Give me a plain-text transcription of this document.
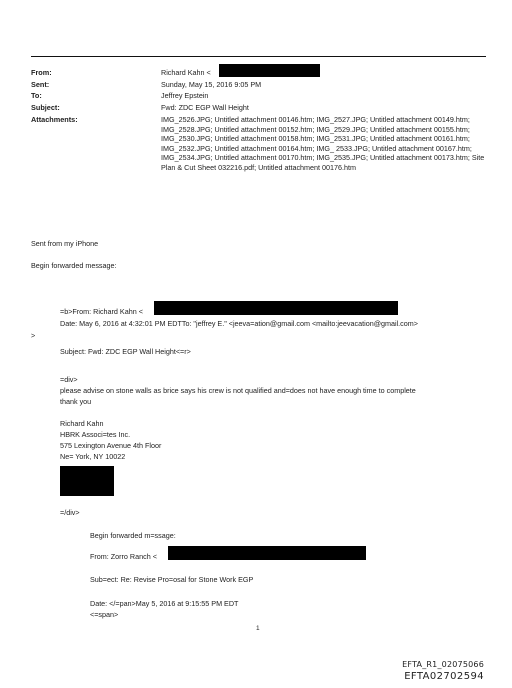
From:	Richard Kahn <
Sent:	Sunday, May 15, 2016 9:05 PM
To:	Jeffrey Epstein
Subject:	Fwd: ZDC EGP Wall Height
Attachments:	IMG_2526.JPG; Untitled attachment 00146.htm; IMG_2527.JPG; Untitled attachment 00149.htm; IMG_2528.JPG; Untitled attachment 00152.htm; IMG_2529.JPG; Untitled attachment 00155.htm; IMG_2530.JPG; Untitled attachment 00158.htm; IMG_2531.JPG; Untitled attachment 00161.htm; IMG_2532.JPG; Untitled attachment 00164.htm; IMG_ 2533.JPG; Untitled attachment 00167.htm; IMG_2534.JPG; Untitled attachment 00170.htm; IMG_2535.JPG; Untitled attachment 00173.htm; Site Plan & Cut Sheet 032216.pdf; Untitled attachment 00176.htm
Sent from my iPhone
Begin forwarded message:
=b>From: Richard Kahn <
Date: May 6, 2016 at 4:32:01 PM EDTTo: "jeffrey E." <jeeva=ation@gmail.com <mailto:jeevacation@gmail.com>
>
Subject: Fwd: ZDC EGP Wall Height<=r>
=div>
please advise on stone walls as brice says his crew is not qualified and=does not have enough time to complete
thank you
Richard Kahn
HBRK Associ=tes Inc.
575 Lexington Avenue 4th Floor
Ne= York, NY 10022
=/div>
Begin forwarded m=ssage:
From: Zorro Ranch <
Sub=ect: Re: Revise Pro=osal for Stone Work EGP
Date: </=pan>May 5, 2016 at 9:15:55 PM EDT
<=span>
1
EFTA_R1_02075066
EFTA02702594
